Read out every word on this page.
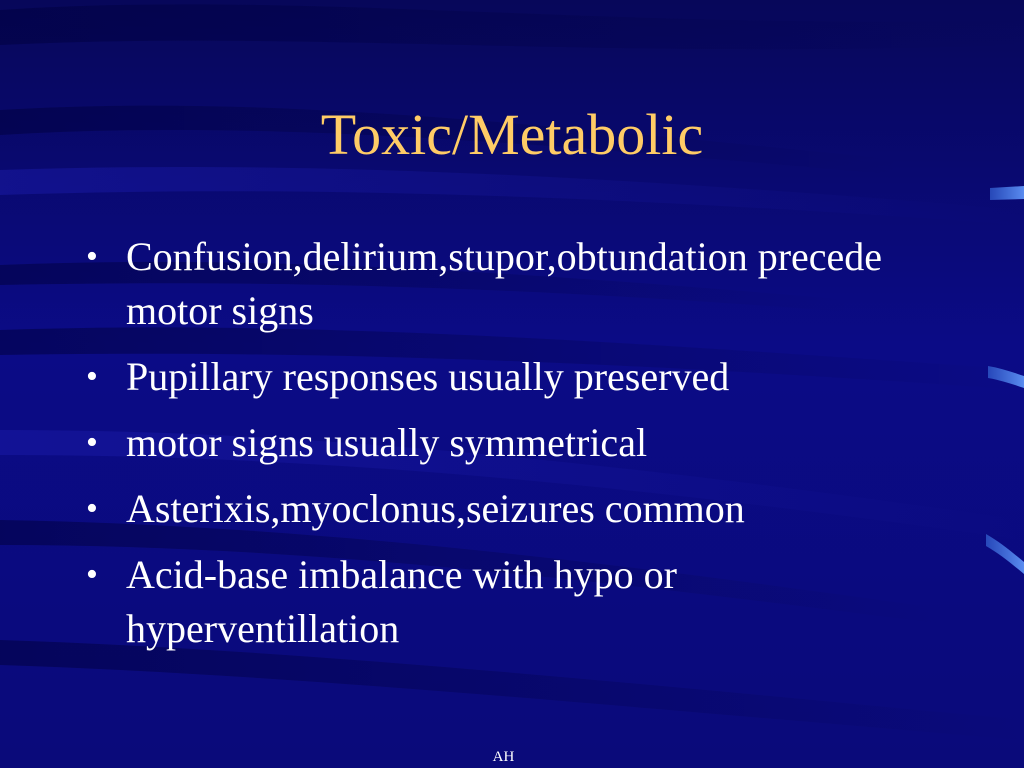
Toxic/Metabolic
• Confusion,delirium,stupor,obtundation precede motor signs
• Pupillary responses usually preserved
• motor signs usually symmetrical
• Asterixis,myoclonus,seizures common
• Acid-base imbalance with hypo or hyperventillation
AH
